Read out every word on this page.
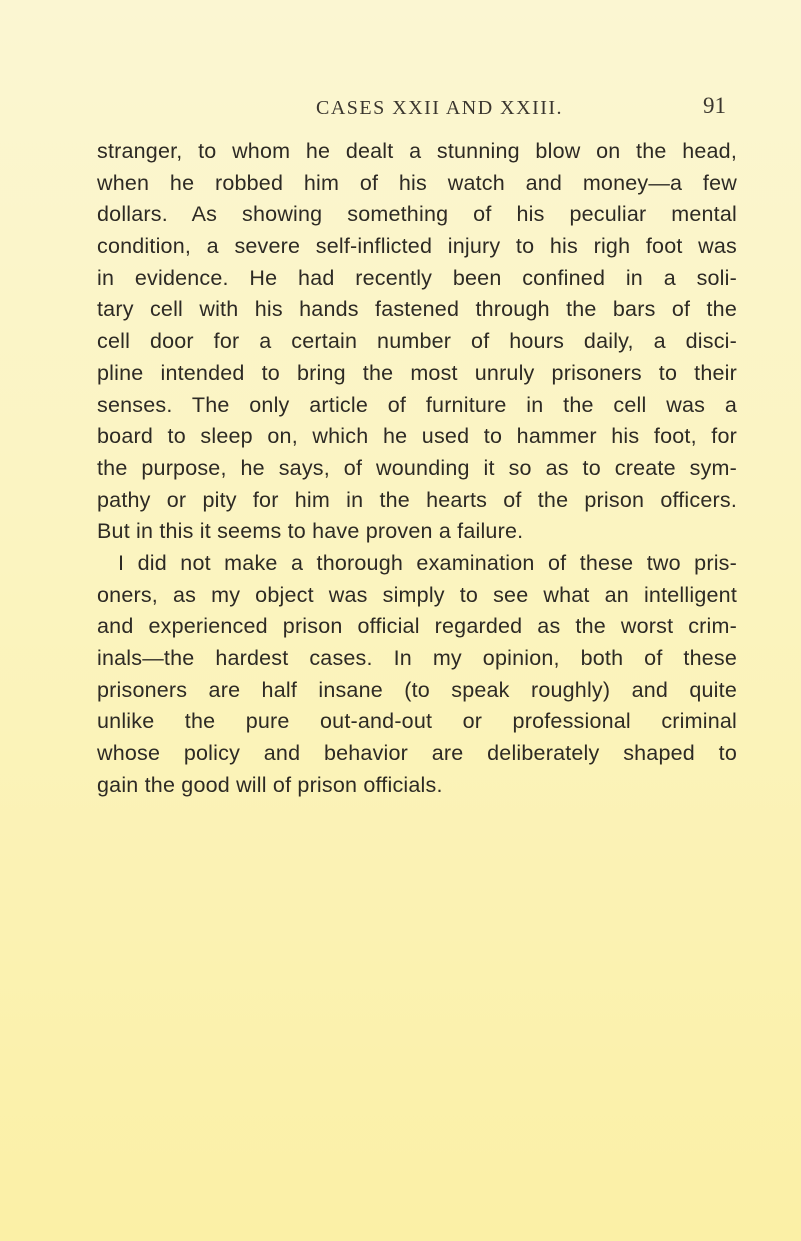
CASES XXII AND XXIII.	91
stranger, to whom he dealt a stunning blow on the head,
when he robbed him of his watch and money—a few
dollars. As showing something of his peculiar mental
condition, a severe self-inflicted injury to his righ foot was
in evidence. He had recently been confined in a soli-
tary cell with his hands fastened through the bars of the
cell door for a certain number of hours daily, a disci-
pline intended to bring the most unruly prisoners to their
senses. The only article of furniture in the cell was a
board to sleep on, which he used to hammer his foot, for
the purpose, he says, of wounding it so as to create sym-
pathy or pity for him in the hearts of the prison officers.
But in this it seems to have proven a failure.
I did not make a thorough examination of these two pris-
oners, as my object was simply to see what an intelligent
and experienced prison official regarded as the worst crim-
inals—the hardest cases. In my opinion, both of these
prisoners are half insane (to speak roughly) and quite
unlike the pure out-and-out or professional criminal
whose policy and behavior are deliberately shaped to
gain the good will of prison officials.
